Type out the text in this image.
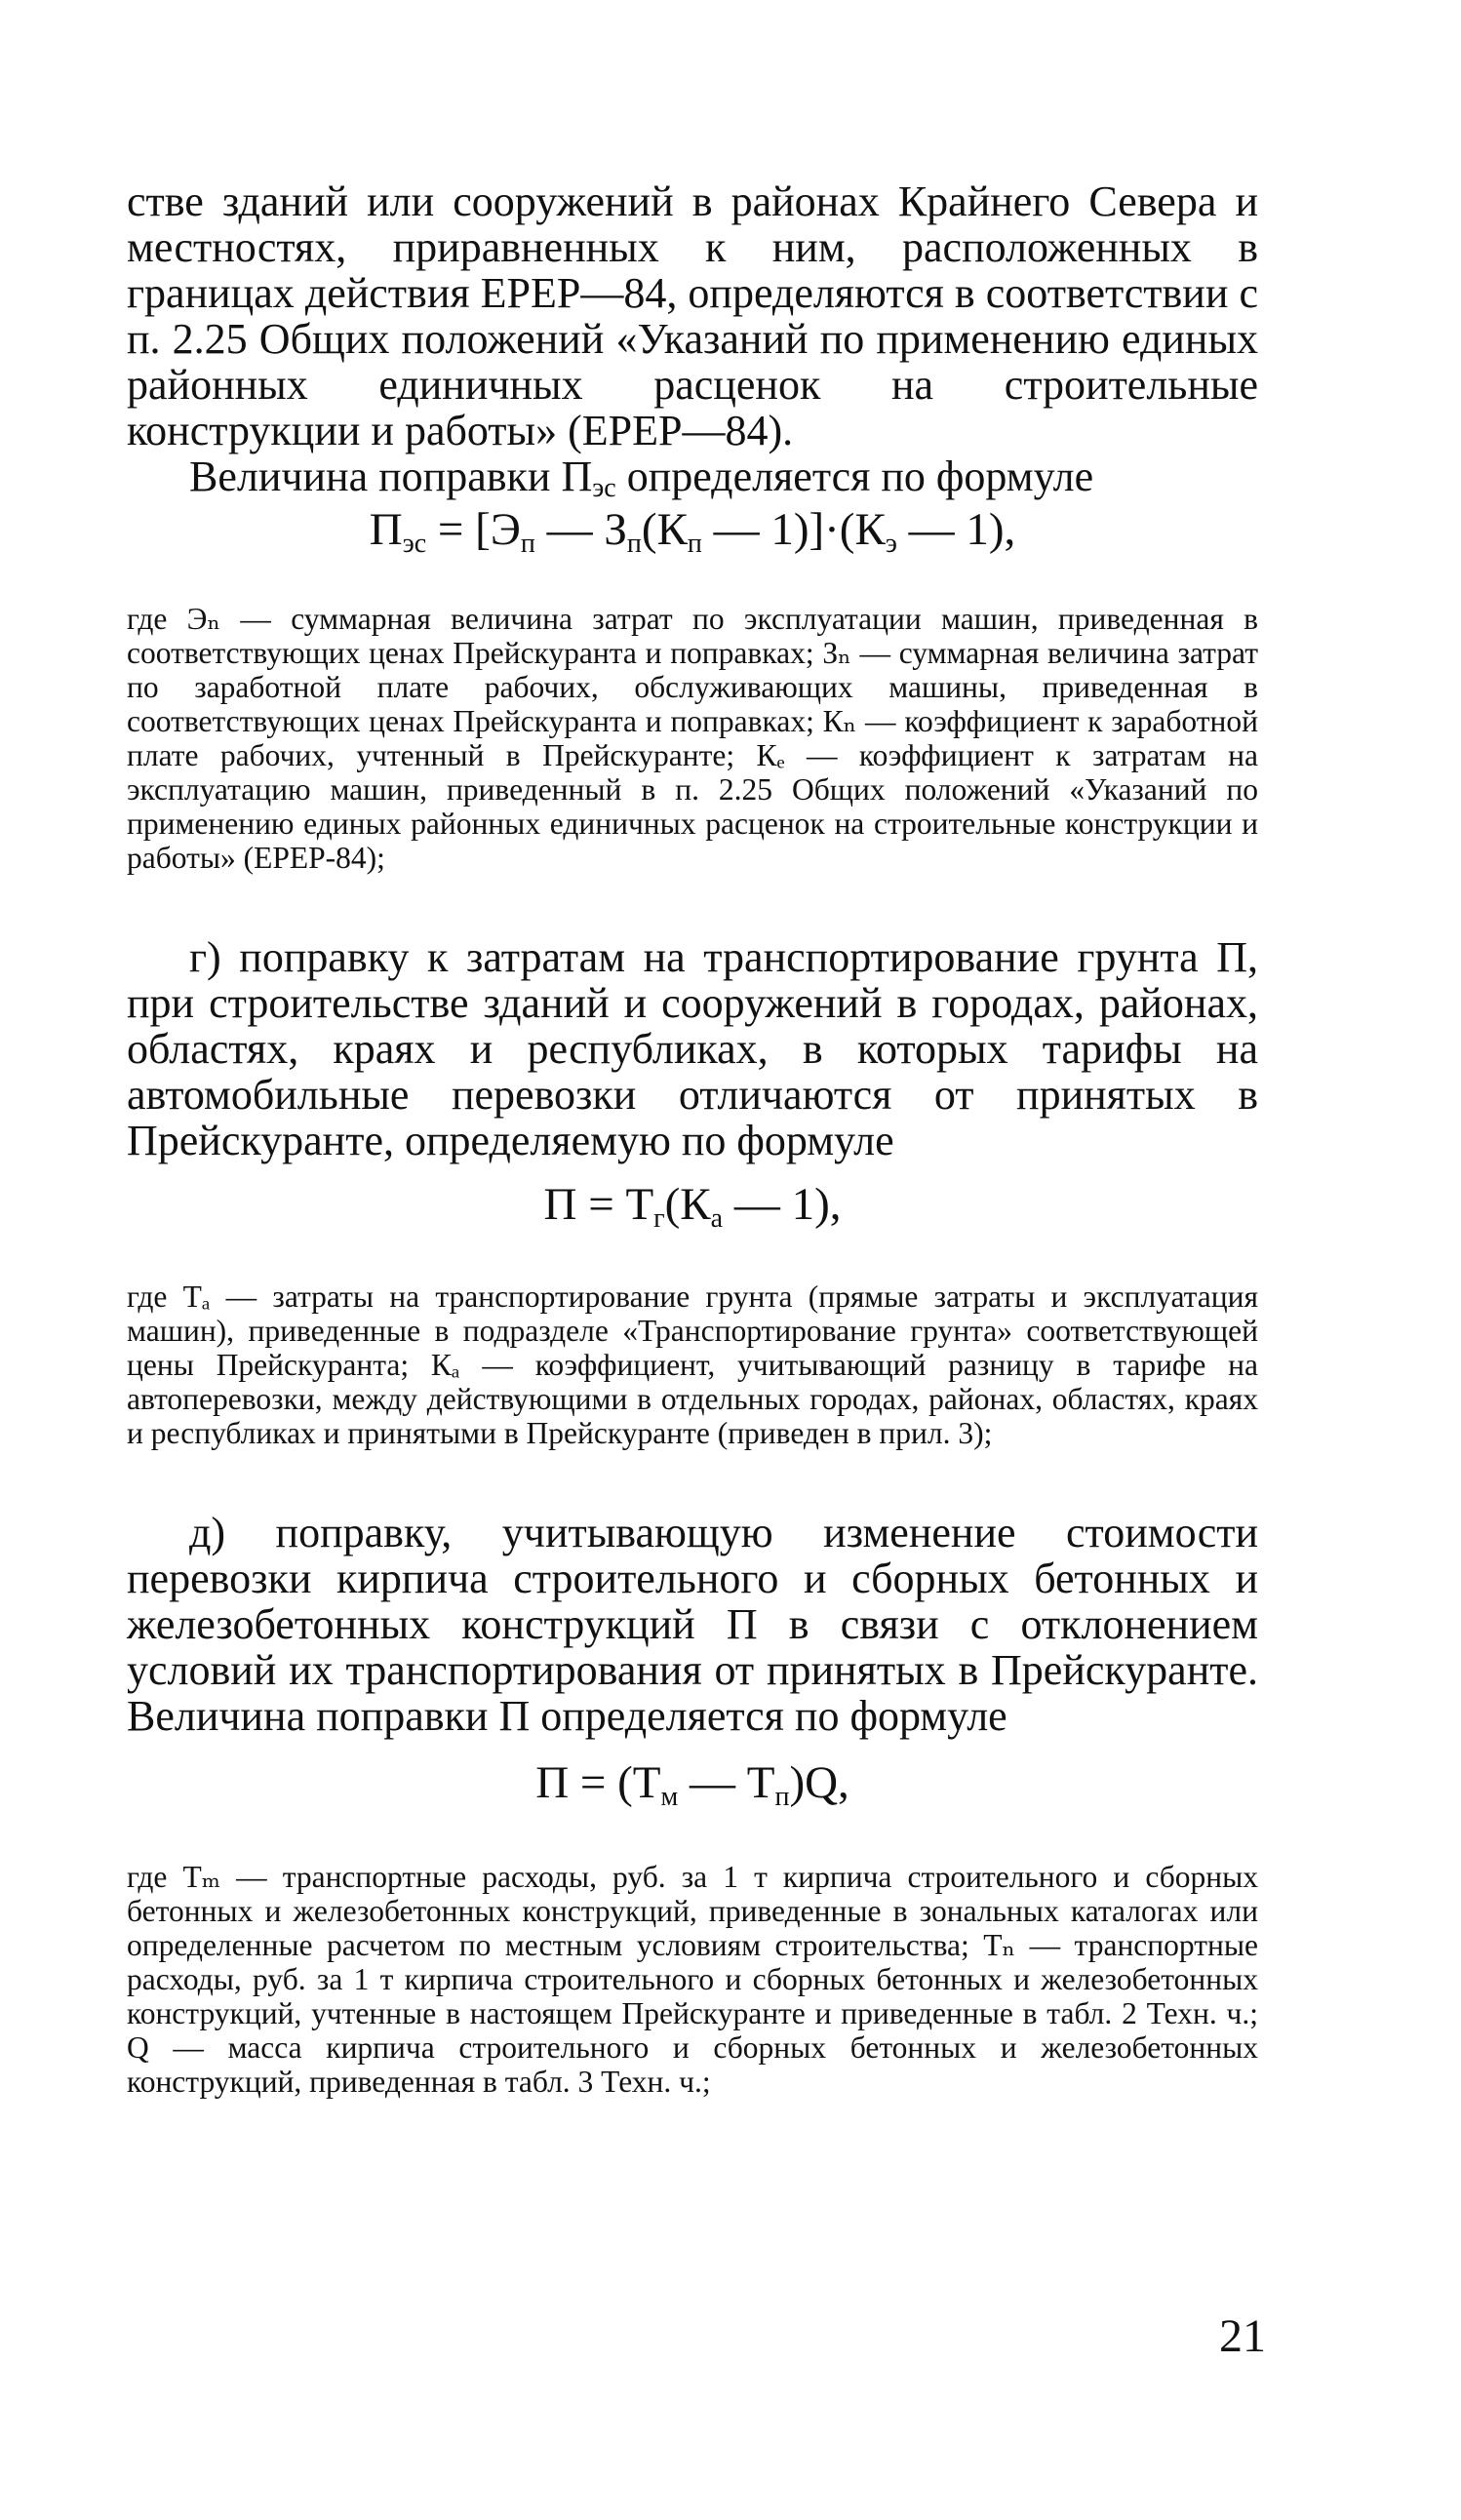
стве зданий или сооружений в районах Крайнего Севера и местностях, приравненных к ним, расположенных в границах действия ЕРЕР—84, определяются в соответствии с п. 2.25 Общих положений «Указаний по применению единых районных единичных расценок на строительные конструкции и работы» (ЕРЕР—84).

Величина поправки $П_{эс}$ определяется по формуле

$П_{эс} = [Э_п$ — $З_п(К_п$ — $1)]\cdot(К_э$ — 1),

где Эₙ — суммарная величина затрат по эксплуатации машин, приведенная в соответствующих ценах Прейскуранта и поправках; Зₙ — суммарная величина затрат по заработной плате рабочих, обслуживающих машины, приведенная в соответствующих ценах Прейскуранта и поправках; Кₙ — коэффициент к заработной плате рабочих, учтенный в Прейскуранте; Кₑ — коэффициент к затратам на эксплуатацию машин, приведенный в п. 2.25 Общих положений «Указаний по применению единых районных единичных расценок на строительные конструкции и работы» (ЕРЕР-84);

г) поправку к затратам на транспортирование грунта П, при строительстве зданий и сооружений в городах, районах, областях, краях и республиках, в которых тарифы на автомобильные перевозки отличаются от принятых в Прейскуранте, определяемую по формуле

$П = Т_г(К_а$ — 1),

где Тₐ — затраты на транспортирование грунта (прямые затраты и эксплуатация машин), приведенные в подразделе «Транспортирование грунта» соответствующей цены Прейскуранта; Кₐ — коэффициент, учитывающий разницу в тарифе на автоперевозки, между действующими в отдельных городах, районах, областях, краях и республиках и принятыми в Прейскуранте (приведен в прил. 3);

д) поправку, учитывающую изменение стоимости перевозки кирпича строительного и сборных бетонных и железобетонных конструкций П в связи с отклонением условий их транспортирования от принятых в Прейскуранте. Величина поправки П определяется по формуле

$П = (Т_м$ — $Т_п)Q$,

где Тₘ — транспортные расходы, руб. за 1 т кирпича строительного и сборных бетонных и железобетонных конструкций, приведенные в зональных каталогах или определенные расчетом по местным условиям строительства; Тₙ — транспортные расходы, руб. за 1 т кирпича строительного и сборных бетонных и железобетонных конструкций, учтенные в настоящем Прейскуранте и приведенные в табл. 2 Техн. ч.; Q — масса кирпича строительного и сборных бетонных и железобетонных конструкций, приведенная в табл. 3 Техн. ч.;

21
